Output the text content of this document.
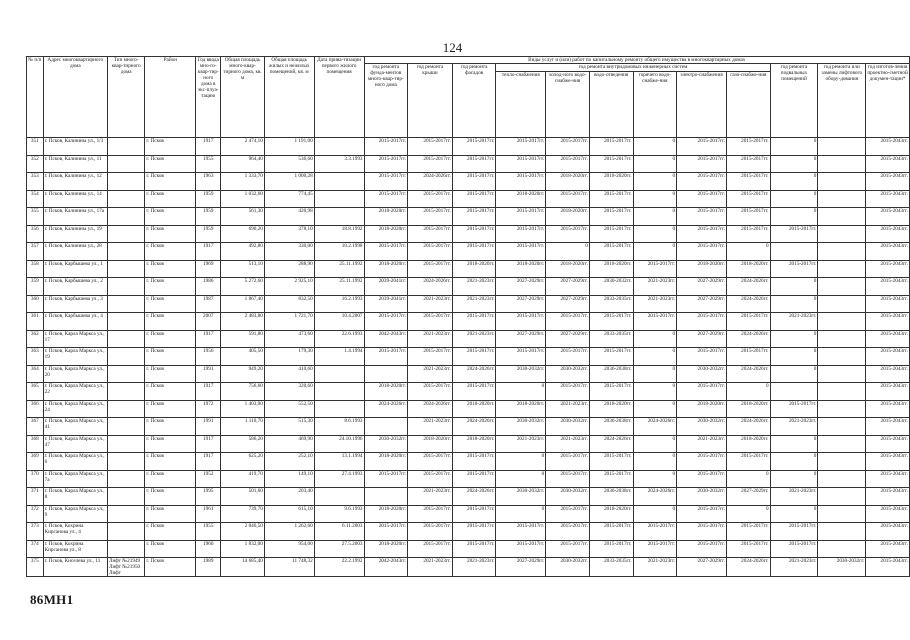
124
№ п/п	Адрес многоквартирного дома	Тип много-квар-тирного дома	Район	Год ввода мно-го-квар-тир-ного дома в экс-плуа-тацию	Общая площадь много-квар-тирного дома, кв. м	Общая площадь жилых и нежилых помещений, кв. м	Дата прива-тизации первого жилого помещения	Виды услуг и (или) работ по капитальному ремонту общего имущества в многоквартирных домах											
								год ремонта фунда-ментов много-квар-тир-ного дома	год ремонта крыши	год ремонта фасадов	год ремонта внутридомовых инженерных систем						год ремонта подвальных помещений	год ремонта или замены лифтового обору-дования	год изготов-ления проектно-сметной докумен-тации*
											тепло-снабжения	холод-ного водо-снабже-ния	водо-отведения	горячего водо-снабже-ния	электро-снабжения	газо-снабже-ния			
351	г. Псков, Калинина ул., 1/3		г. Псков	1917	2 474,10	1 191,00		2015-2017гг.	2015-2017гг.	2015-2017гг.	2015-2017гг.	2015-2017гг.	2015-2017гг.	0	2015-2017гг.	2015-2017гг.	0		2015-2043гг.
352	г. Псков, Калинина ул., 11		г. Псков	1955	964,40	536,60	3.3.1993	2015-2017гг.	2015-2017гг.	2015-2017гг.	2015-2017гг.	2015-2017гг.	2015-2017гг.	0	2015-2017гг.	2015-2017гг.	0		2015-2043гг.
353	г. Псков, Калинина ул., 12		г. Псков	1963	1 333,70	1 000,28		2015-2017гг.	2024-2026гг.	2015-2017гг.	2015-2017гг.	2018-2020гг.	2018-2020гг.	0	2015-2017гг.	2015-2017гг.	0		2015-2043гг.
354	г. Псков, Калинина ул., 14		г. Псков	1959	1 032,60	774,45		2015-2017гг.	2015-2017гг.	2015-2017гг.	2018-2020гг.	2015-2017гг.	2015-2017гг.	0	2015-2017гг.	2015-2017гг.	0		2015-2043гг.
355	г. Псков, Калинина ул., 17а		г. Псков	1959	561,30	420,98		2018-2020гг.	2015-2017гг.	2015-2017гг.	2015-2017гг.	2018-2020гг.	2015-2017гг.	0	2015-2017гг.	2015-2017гг.	0		2015-2043гг.
356	г. Псков, Калинина ул., 19		г. Псков	1959	690,20	378,10	18.8.1992	2018-2020гг.	2015-2017гг.	2015-2017гг.	2015-2017гг.	2015-2017гг.	2015-2017гг.	0	2015-2017гг.	2015-2017гг.	2015-2017гг.		2015-2043гг.
357	г. Псков, Калинина ул., 28		г. Псков	1917	492,80	330,00	10.2.1998	2015-2017гг.	2015-2017гг.	2015-2017гг.	2015-2017гг.	0	2015-2017гг.	0	2015-2017гг.	0			2015-2043гг.
358	г. Псков, Карбышева ул., 1		г. Псков	1969	513,10	288,90	25.11.1992	2018-2020гг.	2015-2017гг.	2018-2020гг.	2018-2020гг.	2018-2020гг.	2018-2020гг.	2015-2017гг.	2018-2020гг.	2018-2020гг.	2015-2017гг.		2015-2043гг.
359	г. Псков, Карбышева ул., 2		г. Псков	1986	5 272,60	2 925,10	25.11.1992	2039-2041гг.	2024-2026гг.	2021-2023гг.	2027-2029гг.	2027-2029гг.	2030-2032гг.	2021-2023гг.	2027-2029гг.	2024-2026гг.	0		2015-2043гг.
360	г. Псков, Карбышева ул., 3		г. Псков	1987	1 867,40	832,50	16.2.1993	2039-2041гг.	2021-2023гг.	2021-2023гг.	2027-2029гг.	2027-2029гг.	2033-2035гг.	2021-2023гг.	2027-2029гг.	2024-2026гг.	0		2015-2043гг.
361	г. Псков, Карбышева ул., 4		г. Псков	2007	2 483,80	1 721,70	10.4.2007	2015-2017гг.	2015-2017гг.	2015-2017гг.	2015-2017гг.	2015-2017гг.	2015-2017гг.	2015-2017гг.	2015-2017гг.	2015-2017гг.	2021-2023гг.		2015-2043гг.
362	г. Псков, Карла Маркса ул., 17		г. Псков	1917	591,80	473,60	22.6.1993	2042-2043гг.	2021-2023гг.	2021-2023гг.	2027-2029гг.	2027-2029гг.	2033-2035гг.	0	2027-2029гг.	2024-2026гг.	0		2015-2043гг.
363	г. Псков, Карла Маркса ул., 19		г. Псков	1956	405,50	179,30	1.4.1994	2015-2017гг.	2015-2017гг.	2015-2017гг.	2015-2017гг.	2015-2017гг.	2015-2017гг.	0	2015-2017гг.	2015-2017гг.	0		2015-2043гг.
364	г. Псков, Карла Маркса ул., 20		г. Псков	1991	949,20	410,60			2021-2023гг.	2024-2026гг.	2030-2032гг.	2030-2032гг.	2036-2038гг.	0	2030-2032гг.	2024-2026гг.	0		2015-2043гг.
365	г. Псков, Карла Маркса ул., 22		г. Псков	1917	756,60	320,60		2018-2020гг.	2015-2017гг.	2015-2017гг.	0	2015-2017гг.	2015-2017гг.	0	2015-2017гг.	0			2015-2043гг.
366	г. Псков, Карла Маркса ул., 24		г. Псков	1972	1 403,00	552,50		2024-2026гг.	2024-2026гг.	2018-2020гг.	2018-2020гг.	2021-2023гг.	2018-2020гг.	0	2018-2020гг.	2018-2020гг.	2015-2017гг.		2015-2043гг.
367	г. Псков, Карла Маркса ул., 41		г. Псков	1991	1 110,70	515,30	8.6.1993		2021-2023гг.	2024-2026гг.	2030-2032гг.	2030-2032гг.	2036-2038гг.	2024-2026гг.	2030-2032гг.	2024-2026гг.	2021-2023гг.		2015-2043гг.
368	г. Псков, Карла Маркса ул., 47		г. Псков	1917	586,20	469,90	24.10.1996	2030-2032гг.	2018-2020гг.	2018-2020гг.	2021-2023гг.	2021-2023гг.	2024-2026гг.	0	2021-2023гг.	2018-2020гг.	0		2015-2043гг.
369	г. Псков, Карла Маркса ул., 6		г. Псков	1917	625,20	252,10	13.1.1994	2018-2020гг.	2015-2017гг.	2015-2017гг.	0	2015-2017гг.	2015-2017гг.	0	2015-2017гг.	2015-2017гг.	0		2015-2043гг.
370	г. Псков, Карла Маркса ул., 7а		г. Псков	1952	419,70	149,10	27.4.1993	2015-2017гг.	2015-2017гг.	2015-2017гг.	0	2015-2017гг.	2015-2017гг.	0	2015-2017гг.	0	0		2015-2043гг.
371	г. Псков, Карла Маркса ул., 8		г. Псков	1995	501,60	203,40			2021-2023гг.	2024-2026гг.	2030-2032гг.	2030-2032гг.	2036-2038гг.	2024-2026гг.	2030-2032гг.	2027-2029гг.	2021-2023гг.		2015-2043гг.
372	г. Псков, Карла Маркса ул., 9		г. Псков	1961	739,70	615,10	9.6.1993	2018-2020гг.	2015-2017гг.	2015-2017гг.	0	2015-2017гг.	2018-2020гг.	0	2015-2017гг.	0	0		2015-2043гг.
373	г. Псков, Кохрина Кирсанова ул., 4		г. Псков	1955	2 046,50	1 262,60	6.11.2003	2015-2017гг.	2015-2017гг.	2015-2017гг.	2015-2017гг.	2015-2017гг.	2015-2017гг.	2015-2017гг.	2015-2017гг.	2015-2017гг.	2015-2017гг.		2015-2043гг.
374	г. Псков, Кохрина Кирсанова ул., 8		г. Псков	1960	1 832,00	954,00	27.5.2003	2018-2020гг.	2015-2017гг.	2015-2017гг.	2015-2017гг.	2015-2017гг.	2015-2017гг.	2015-2017гг.	2015-2017гг.	2015-2017гг.	2015-2017гг.		2015-2043гг.
375	г. Псков, Киселева ул., 11	Лифт №21949 Лифт №21950 Лифт	г. Псков	1989	14 685,40	11 748,32	22.2.1992	2042-2043гг.	2021-2023гг.	2021-2023гг.	2027-2029гг.	2030-2032гг.	2033-2035гг.	2021-2023гг.	2027-2029гг.	2024-2026гг.	2021-2023гг.	2030-2032гг.	2015-2043гг.
86МН1
